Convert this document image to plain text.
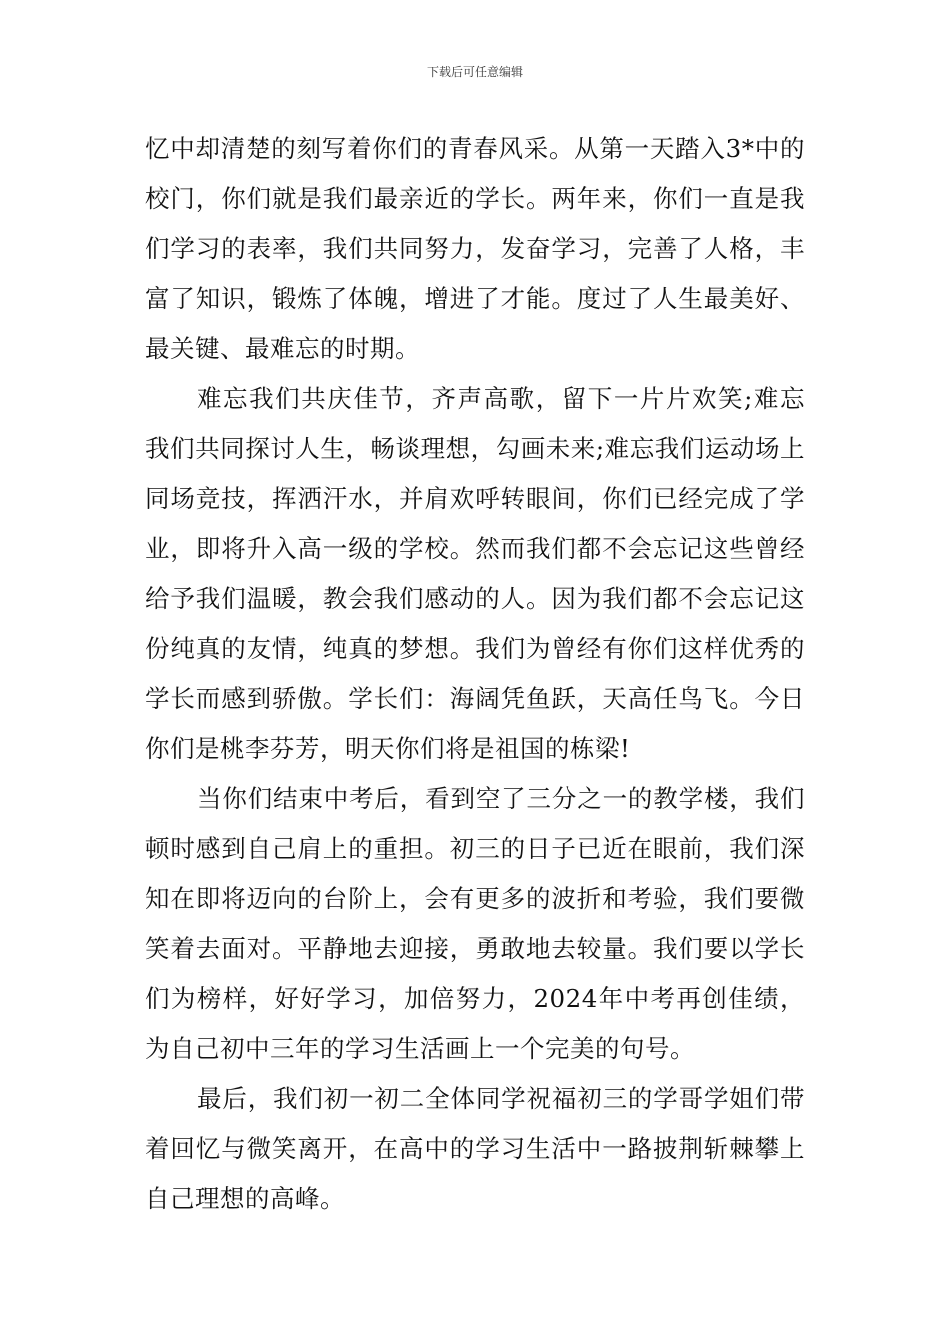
下载后可任意编辑

忆中却清楚的刻写着你们的青春风采。从第一天踏入3*中的校门，你们就是我们最亲近的学长。两年来，你们一直是我们学习的表率，我们共同努力，发奋学习，完善了人格，丰富了知识，锻炼了体魄，增进了才能。度过了人生最美好、最关键、最难忘的时期。

难忘我们共庆佳节，齐声高歌，留下一片片欢笑;难忘我们共同探讨人生，畅谈理想，勾画未来;难忘我们运动场上同场竞技，挥洒汗水，并肩欢呼转眼间，你们已经完成了学业，即将升入高一级的学校。然而我们都不会忘记这些曾经给予我们温暖，教会我们感动的人。因为我们都不会忘记这份纯真的友情，纯真的梦想。我们为曾经有你们这样优秀的学长而感到骄傲。学长们：海阔凭鱼跃，天高任鸟飞。今日你们是桃李芬芳，明天你们将是祖国的栋梁!

当你们结束中考后，看到空了三分之一的教学楼，我们顿时感到自己肩上的重担。初三的日子已近在眼前，我们深知在即将迈向的台阶上，会有更多的波折和考验，我们要微笑着去面对。平静地去迎接，勇敢地去较量。我们要以学长们为榜样，好好学习，加倍努力，2024年中考再创佳绩，为自己初中三年的学习生活画上一个完美的句号。

最后，我们初一初二全体同学祝福初三的学哥学姐们带着回忆与微笑离开，在高中的学习生活中一路披荆斩棘攀上自己理想的高峰。
